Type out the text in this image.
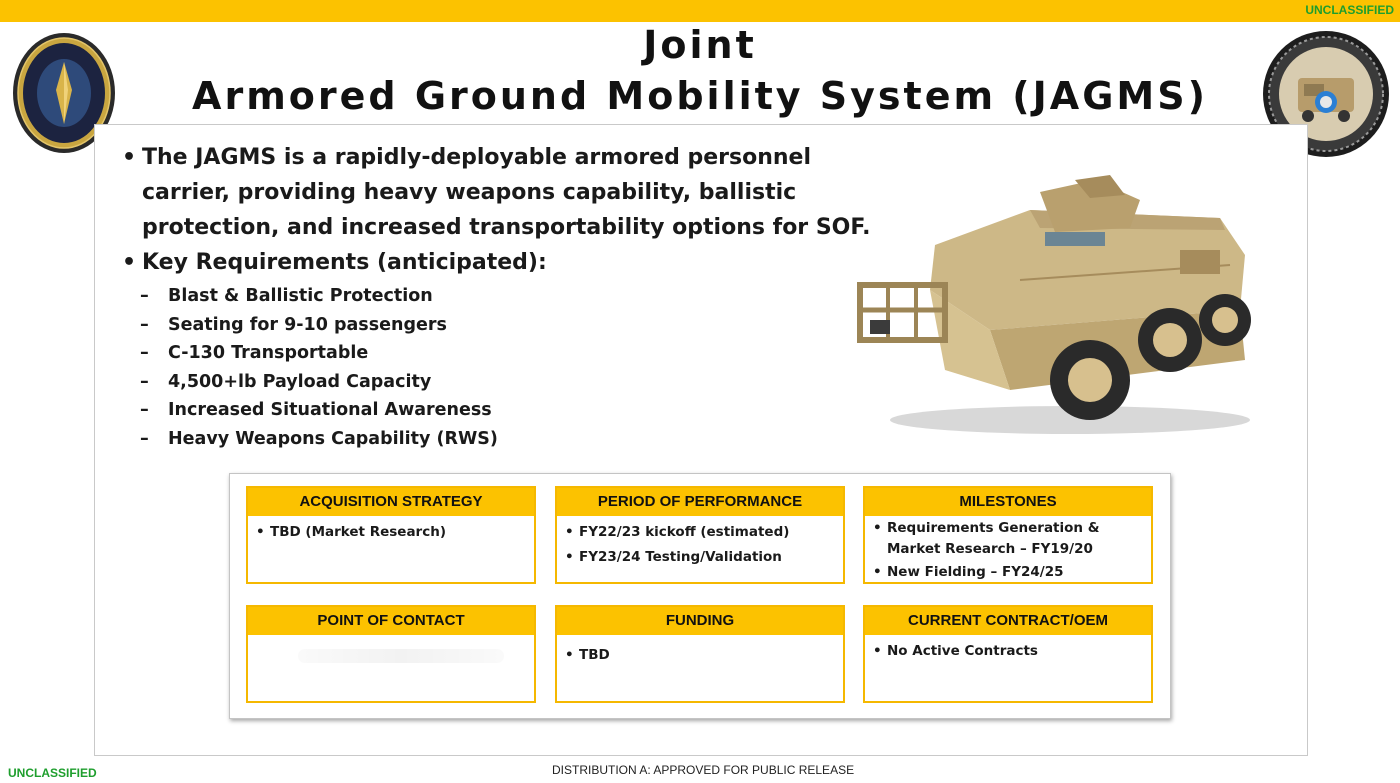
UNCLASSIFIED
Joint
Armored Ground Mobility System (JAGMS)
• The JAGMS is a rapidly-deployable armored personnel carrier, providing heavy weapons capability, ballistic protection, and increased transportability options for SOF.
• Key Requirements (anticipated):
–	Blast & Ballistic Protection
–	Seating for 9-10 passengers
–	C-130 Transportable
–	4,500+lb Payload Capacity
–	Increased Situational Awareness
–	Heavy Weapons Capability (RWS)
ACQUISITION STRATEGY
• TBD (Market Research)
PERIOD OF PERFORMANCE
• FY22/23 kickoff (estimated)
• FY23/24 Testing/Validation
MILESTONES
• Requirements Generation & Market Research – FY19/20
• New Fielding – FY24/25
POINT OF CONTACT	FUNDING
• TBD
CURRENT CONTRACT/OEM
• No Active Contracts
UNCLASSIFIED	DISTRIBUTION A: APPROVED FOR PUBLIC RELEASE
